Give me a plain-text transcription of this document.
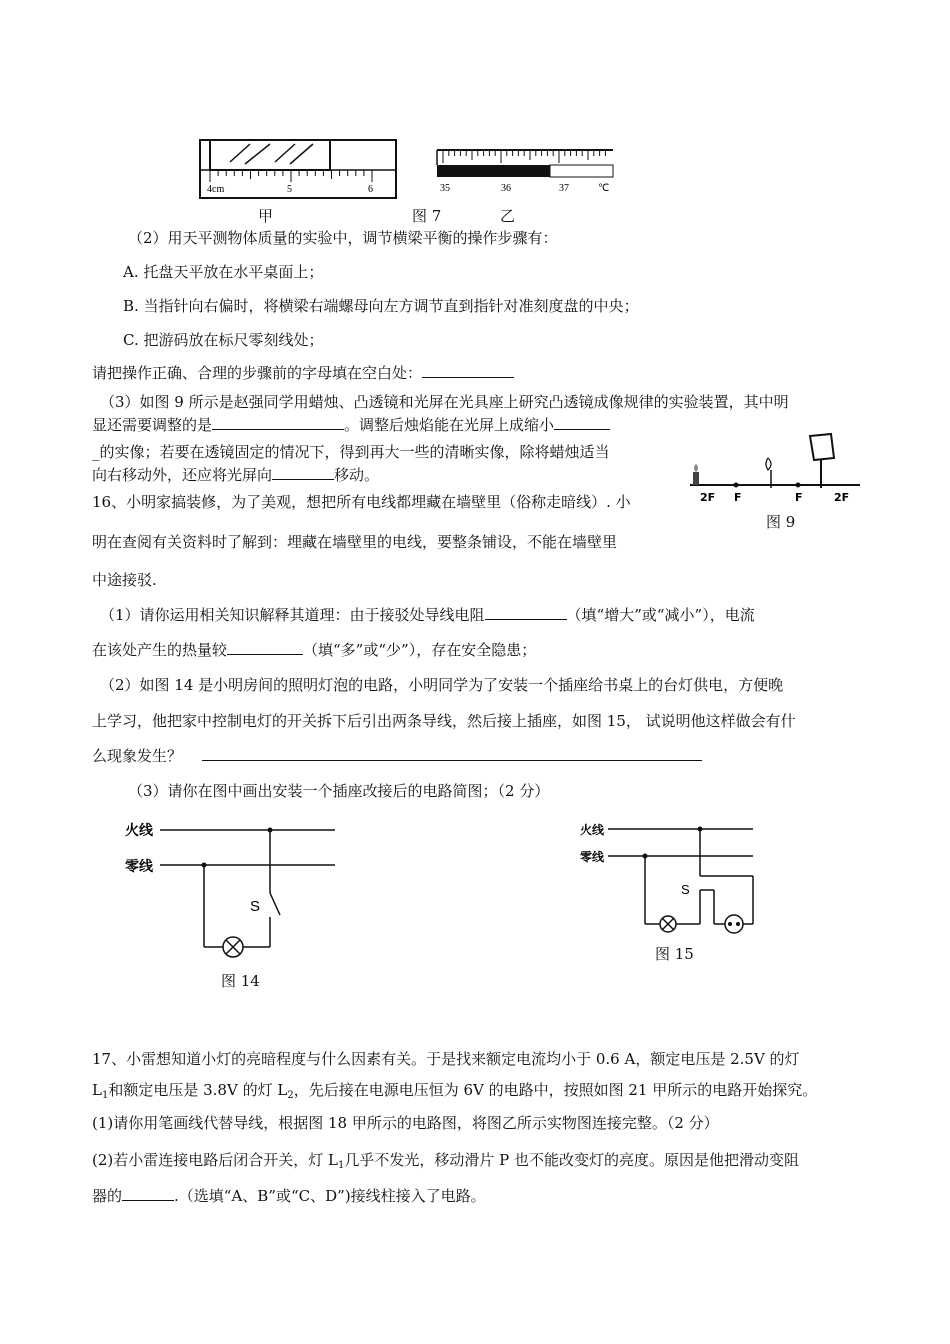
4cm	5	6	35	36	37	℃
甲	图 7	乙
（2）用天平测物体质量的实验中，调节横梁平衡的操作步骤有：
A. 托盘天平放在水平桌面上；
B. 当指针向右偏时，将横梁右端螺母向左方调节直到指针对准刻度盘的中央；
C. 把游码放在标尺零刻线处；
请把操作正确、合理的步骤前的字母填在空白处：
（3）如图 9 所示是赵强同学用蜡烛、凸透镜和光屏在光具座上研究凸透镜成像规律的实验装置，其中明
显还需要调整的是	。调整后烛焰能在光屏上成缩小
_的实像；若要在透镜固定的情况下，得到再大一些的清晰实像，除将蜡烛适当
向右移动外，还应将光屏向	移动。
2F F	F	2F
图 9
16、小明家搞装修，为了美观，想把所有电线都埋藏在墙壁里（俗称走暗线）. 小
明在查阅有关资料时了解到：埋藏在墙壁里的电线，要整条铺设，不能在墙壁里
中途接驳.
（1）请你运用相关知识解释其道理：由于接驳处导线电阻	（填“增大”或“减小”），电流
在该处产生的热量较	（填“多”或“少”），存在安全隐患；
（2）如图 14 是小明房间的照明灯泡的电路，小明同学为了安装一个插座给书桌上的台灯供电，方便晚
上学习，他把家中控制电灯的开关拆下后引出两条导线，然后接上插座，如图 15， 试说明他这样做会有什
么现象发生？
（3）请你在图中画出安装一个插座改接后的电路简图；（2 分）
火线
零线
S
图 14
火线
零线
S
图 15
17、小雷想知道小灯的亮暗程度与什么因素有关。于是找来额定电流均小于 0.6 A，额定电压是 2.5V 的灯
$L_1$和额定电压是 3.8V 的灯 $L_2$，先后接在电源电压恒为 6V 的电路中，按照如图 21 甲所示的电路开始探究。
(1)请你用笔画线代替导线，根据图 18 甲所示的电路图，将图乙所示实物图连接完整。（2 分）
(2)若小雷连接电路后闭合开关，灯 $L_1$几乎不发光，移动滑片 P 也不能改变灯的亮度。原因是他把滑动变阻
器的	.（选填“A、B”或“C、D”)接线柱接入了电路。
